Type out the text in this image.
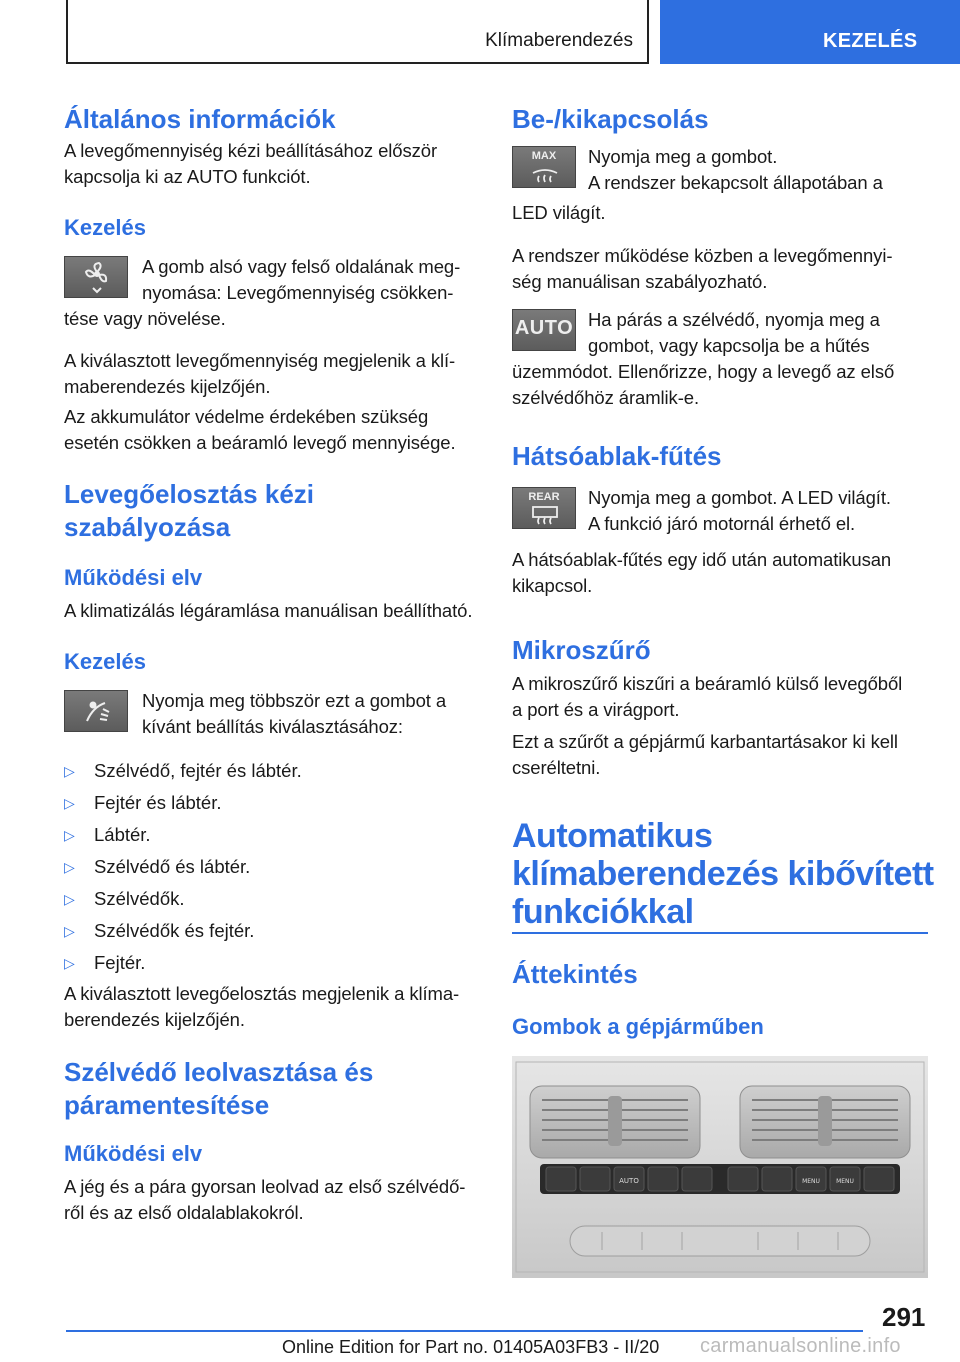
Klímaberendezés	KEZELÉS
Általános információk
A levegőmennyiség kézi beállításához először
kapcsolja ki az AUTO funkciót.
Kezelés
A gomb alsó vagy felső oldalának meg-
nyomása: Levegőmennyiség csökken-
tése vagy növelése.
A kiválasztott levegőmennyiség megjelenik a klí-
maberendezés kijelzőjén.
Az akkumulátor védelme érdekében szükség
esetén csökken a beáramló levegő mennyisége.
Levegőelosztás kézi
szabályozása
Működési elv
A klimatizálás légáramlása manuálisan beállítható.
Kezelés
Nyomja meg többször ezt a gombot a
kívánt beállítás kiválasztásához:
▷ Szélvédő, fejtér és lábtér.
▷ Fejtér és lábtér.
▷ Lábtér.
▷ Szélvédő és lábtér.
▷ Szélvédők.
▷ Szélvédők és fejtér.
▷ Fejtér.
A kiválasztott levegőelosztás megjelenik a klíma-
berendezés kijelzőjén.
Szélvédő leolvasztása és
páramentesítése
Működési elv
A jég és a pára gyorsan leolvad az első szélvédő-
ről és az első oldalablakokról.
Be-/kikapcsolás
MAX	Nyomja meg a gombot.
A rendszer bekapcsolt állapotában a
LED világít.
A rendszer működése közben a levegőmennyi-
ség manuálisan szabályozható.
AUTO Ha párás a szélvédő, nyomja meg a
gombot, vagy kapcsolja be a hűtés
üzemmódot. Ellenőrizze, hogy a levegő az első
szélvédőhöz áramlik-e.
Hátsóablak-fűtés
REAR	Nyomja meg a gombot. A LED világít.
A funkció járó motornál érhető el.
A hátsóablak-fűtés egy idő után automatikusan
kikapcsol.
Mikroszűrő
A mikroszűrő kiszűri a beáramló külső levegőből
a port és a virágport.
Ezt a szűrőt a gépjármű karbantartásakor ki kell
cseréltetni.
Automatikus
klímaberendezés kibővített
funkciókkal
Áttekintés
Gombok a gépjárműben
AUTO	MENU	MENU
291
Online Edition for Part no. 01405A03FB3 - II/20 carmanualsonline.info
